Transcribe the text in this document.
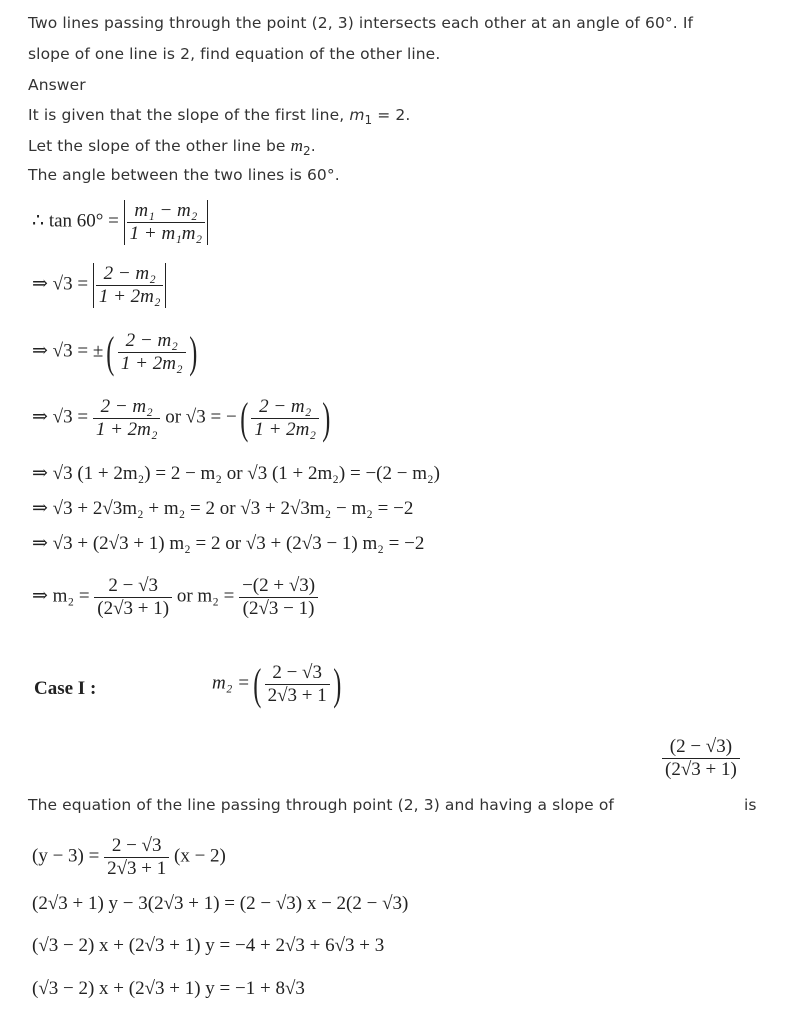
Two lines passing through the point (2, 3) intersects each other at an angle of 60°. If
slope of one line is 2, find equation of the other line.
Answer
It is given that the slope of the first line, $m_1 = 2$.
Let the slope of the other line be $m_2$.
The angle between the two lines is 60°.
∴ $\tan 60^\circ = \frac{\text{m₁ − m₂}}{\text{1 + m₁m₂}}$
⇒ $√3 = \frac{\text{2 − m₂}}{\text{1 + 2m₂}}$
⇒ √3 = ±( $\frac{\text{2 − m₂}}{\text{1 + 2m₂}}$ )
⇒ $√3 = \frac{\text{2 − m₂}}{\text{1 + 2m₂}}$ or √3 = −( $\frac{\text{2 − m₂}}{\text{1 + 2m₂}}$ )
⇒ √3 (1 + 2m₂) = 2 − m₂ or √3 (1 + 2m₂) = −(2 − m₂)
⇒ √3 + 2√3m₂ + m₂ = 2 or √3 + 2√3m₂ − m₂ = −2
⇒ √3 + (2√3 + 1) m₂ = 2 or √3 + (2√3 − 1) m₂ = −2
⇒ $m_2 = \frac{2 - √3}{(2√3 + 1)}$ or $m_2 = \frac{-(2 + √3)}{(2√3 - 1)}$
Case I :	m₂ =( $\frac{2 - √3}{2√3 + 1}$ )
$\frac{(2 - √3)}{(2√3 + 1)}$
The equation of the line passing through point (2, 3) and having a slope of	is
$(y - 3) = \frac{2 - √3}{2√3 + 1} (x - 2)$
(2√3 + 1) y − 3(2√3 + 1) = (2 − √3) x − 2(2 − √3)
(√3 − 2) x + (2√3 + 1) y = −4 + 2√3 + 6√3 + 3
(√3 − 2) x + (2√3 + 1) y = −1 + 8√3
